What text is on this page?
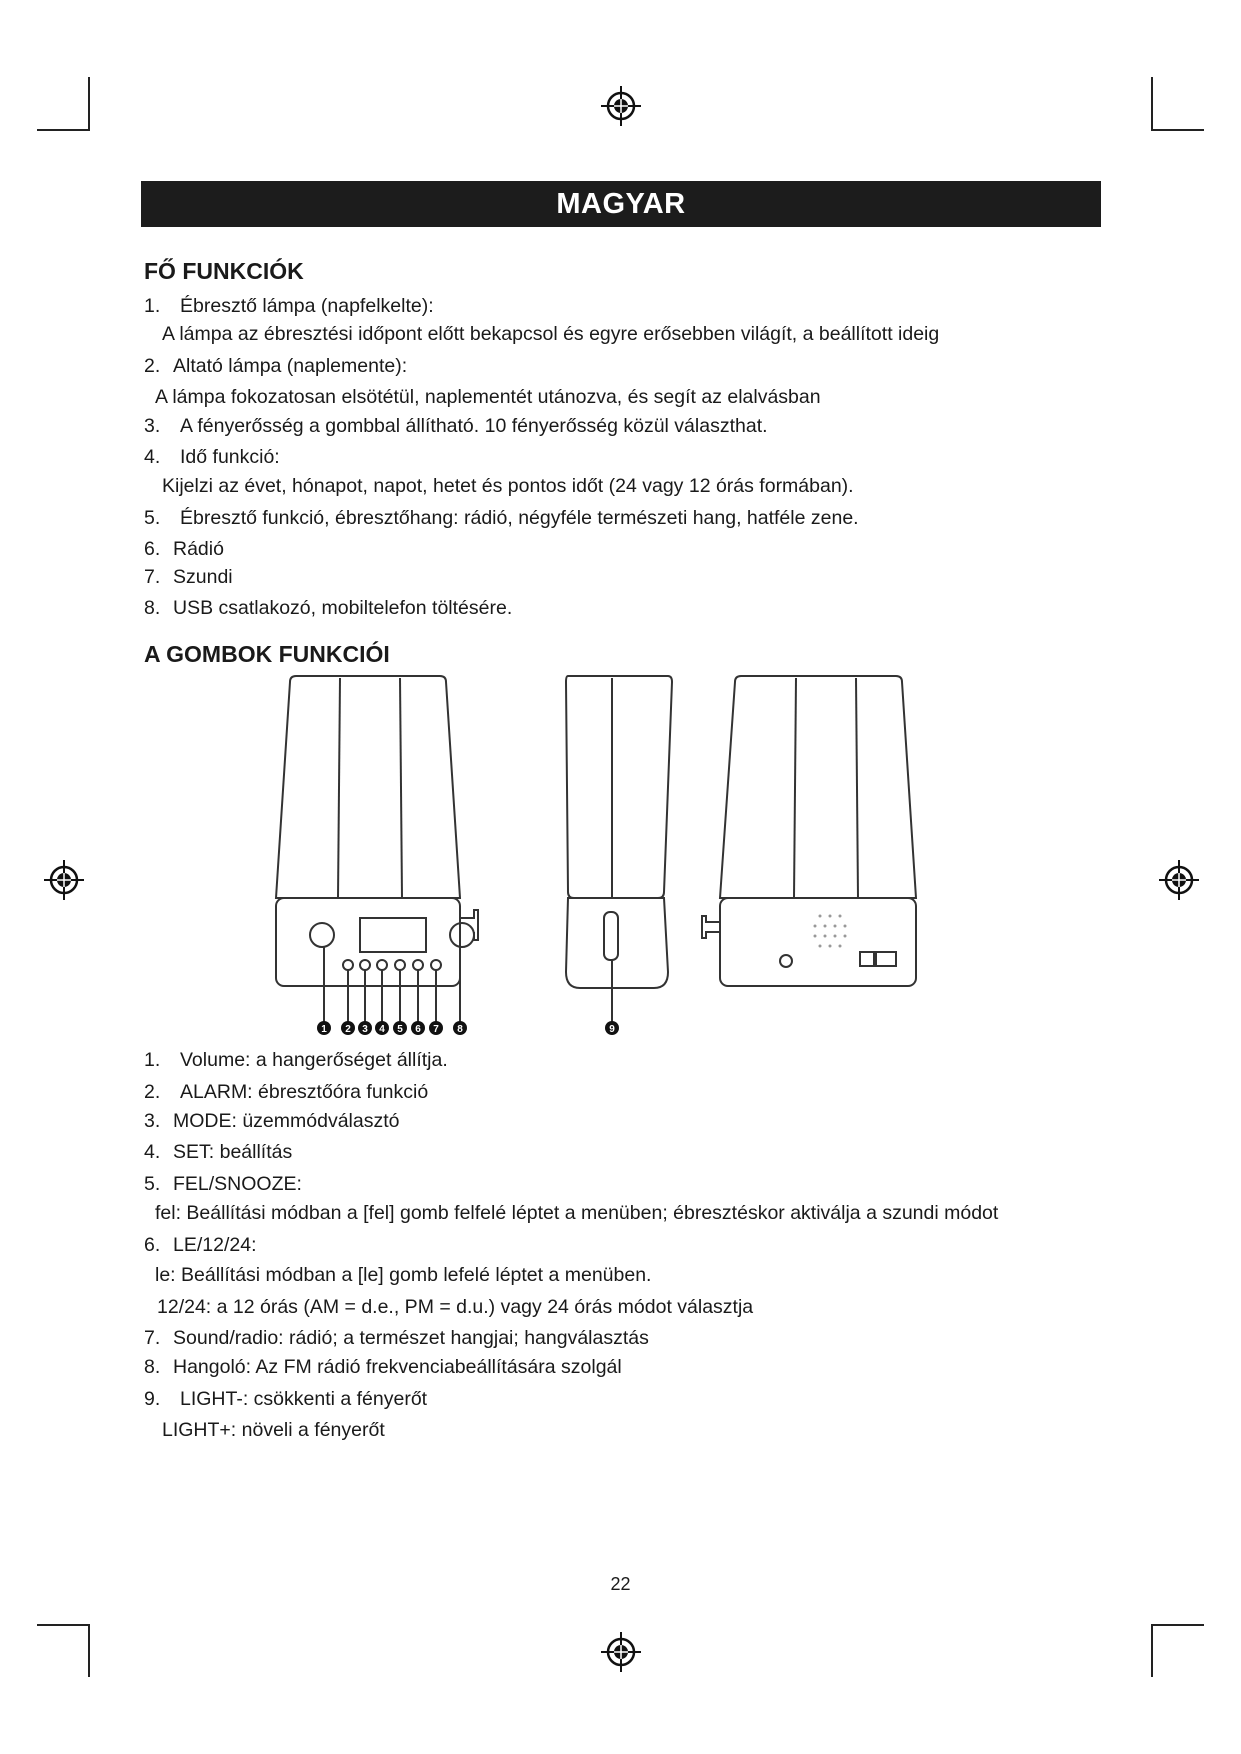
MAGYAR
FŐ FUNKCIÓK
1. Ébresztő lámpa (napfelkelte):
A lámpa az ébresztési időpont előtt bekapcsol és egyre erősebben világít, a beállított ideig
2. Altató lámpa (naplemente):
A lámpa fokozatosan elsötétül, naplementét utánozva, és segít az elalvásban
3. A fényerősség a gombbal állítható. 10 fényerősség közül választhat.
4. Idő funkció:
Kijelzi az évet, hónapot, napot, hetet és pontos időt (24 vagy 12 órás formában).
5. Ébresztő funkció, ébresztőhang: rádió, négyféle természeti hang, hatféle zene.
6. Rádió
7. Szundi
8. USB csatlakozó, mobiltelefon töltésére.
A GOMBOK FUNKCIÓI
1 2 3 4 5 6 7 8	9
1. Volume: a hangerőséget állítja.
2. ALARM: ébresztőóra funkció
3. MODE: üzemmódválasztó
4. SET: beállítás
5. FEL/SNOOZE:
fel: Beállítási módban a [fel] gomb felfelé léptet a menüben; ébresztéskor aktiválja a szundi módot
6. LE/12/24:
le: Beállítási módban a [le] gomb lefelé léptet a menüben.
12/24: a 12 órás (AM = d.e., PM = d.u.) vagy 24 órás módot választja
7. Sound/radio: rádió; a természet hangjai; hangválasztás
8. Hangoló: Az FM rádió frekvenciabeállítására szolgál
9. LIGHT-: csökkenti a fényerőt
LIGHT+: növeli a fényerőt
22
